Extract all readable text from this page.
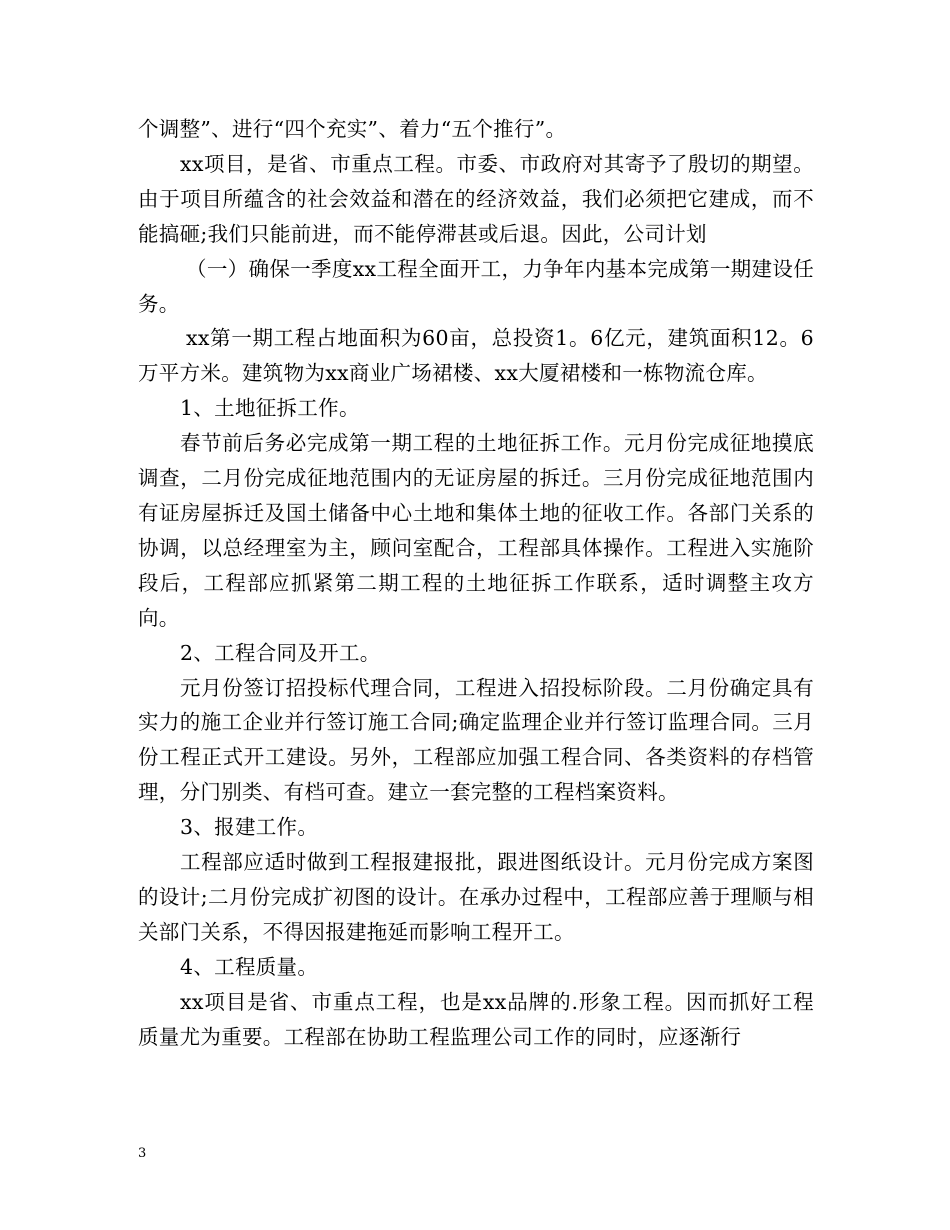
个调整”、进行“四个充实”、着力“五个推行”。

xx项目，是省、市重点工程。市委、市政府对其寄予了殷切的期望。由于项目所蕴含的社会效益和潜在的经济效益，我们必须把它建成，而不能搞砸;我们只能前进，而不能停滞甚或后退。因此，公司计划

（一）确保一季度xx工程全面开工，力争年内基本完成第一期建设任务。

xx第一期工程占地面积为60亩，总投资1。6亿元，建筑面积12。6万平方米。建筑物为xx商业广场裙楼、xx大厦裙楼和一栋物流仓库。

1、土地征拆工作。

春节前后务必完成第一期工程的土地征拆工作。元月份完成征地摸底调查，二月份完成征地范围内的无证房屋的拆迁。三月份完成征地范围内有证房屋拆迁及国土储备中心土地和集体土地的征收工作。各部门关系的协调，以总经理室为主，顾问室配合，工程部具体操作。工程进入实施阶段后，工程部应抓紧第二期工程的土地征拆工作联系，适时调整主攻方向。

2、工程合同及开工。

元月份签订招投标代理合同，工程进入招投标阶段。二月份确定具有实力的施工企业并行签订施工合同;确定监理企业并行签订监理合同。三月份工程正式开工建设。另外，工程部应加强工程合同、各类资料的存档管理，分门别类、有档可查。建立一套完整的工程档案资料。

3、报建工作。

工程部应适时做到工程报建报批，跟进图纸设计。元月份完成方案图的设计;二月份完成扩初图的设计。在承办过程中，工程部应善于理顺与相关部门关系，不得因报建拖延而影响工程开工。

4、工程质量。

xx项目是省、市重点工程，也是xx品牌的.形象工程。因而抓好工程质量尤为重要。工程部在协助工程监理公司工作的同时，应逐渐行

3
